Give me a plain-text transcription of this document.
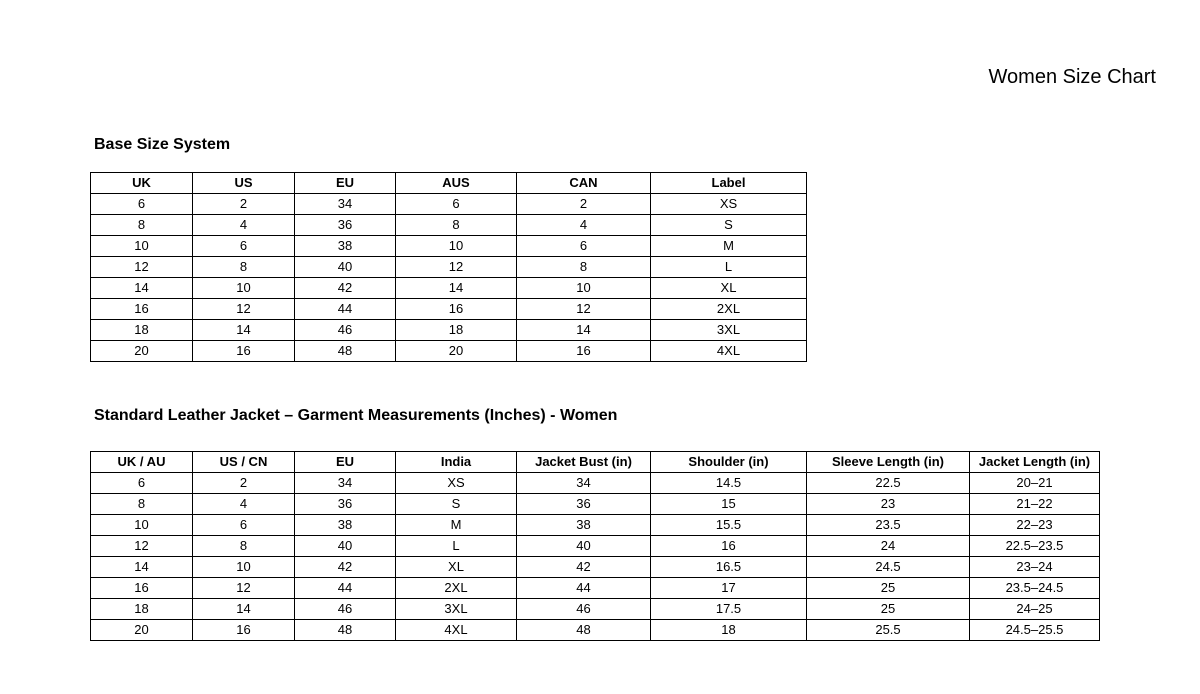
Women Size Chart
Base Size System
UK	US	EU	AUS	CAN	Label
6	2	34	6	2	XS
8	4	36	8	4	S
10	6	38	10	6	M
12	8	40	12	8	L
14	10	42	14	10	XL
16	12	44	16	12	2XL
18	14	46	18	14	3XL
20	16	48	20	16	4XL
Standard Leather Jacket – Garment Measurements (Inches) - Women
UK / AU	US / CN	EU	India	Jacket Bust (in)	Shoulder (in)	Sleeve Length (in)	Jacket Length (in)
6	2	34	XS	34	14.5	22.5	20–21
8	4	36	S	36	15	23	21–22
10	6	38	M	38	15.5	23.5	22–23
12	8	40	L	40	16	24	22.5–23.5
14	10	42	XL	42	16.5	24.5	23–24
16	12	44	2XL	44	17	25	23.5–24.5
18	14	46	3XL	46	17.5	25	24–25
20	16	48	4XL	48	18	25.5	24.5–25.5
